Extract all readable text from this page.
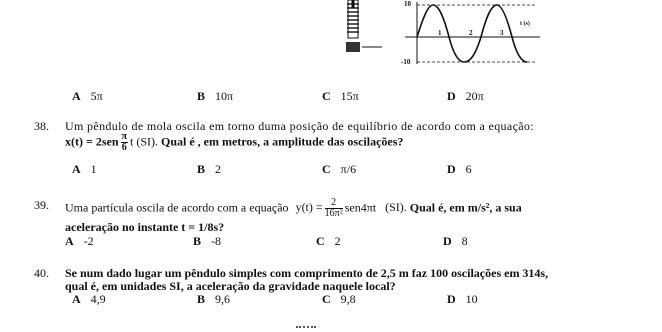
10
-10
1	2	3
t (s)
A 5π	B 10π	C 15π	D 20π
38. Um pêndulo de mola oscila em torno duma posição de equilíbrio de acordo com a equação:
$x(t) = 2sen \frac{\pi}{6}$ t (SI). Qual é , em metros, a amplitude das oscilações?
A 1	B 2	C π/6	D 6
39. Uma partícula oscila de acordo com a equação $y(t) = \frac{2}{\text{16π²}} sen4\pi t$ (SI). Qual é, em m/s², a sua
aceleração no instante t = 1/8s?
A -2	B -8	C 2	D 8
40. Se num dado lugar um pêndulo simples com comprimento de 2,5 m faz 100 oscilações em 314s,
qual é, em unidades SI, a aceleração da gravidade naquele local?
A 4,9	B 9,6	C 9,8	D 10
